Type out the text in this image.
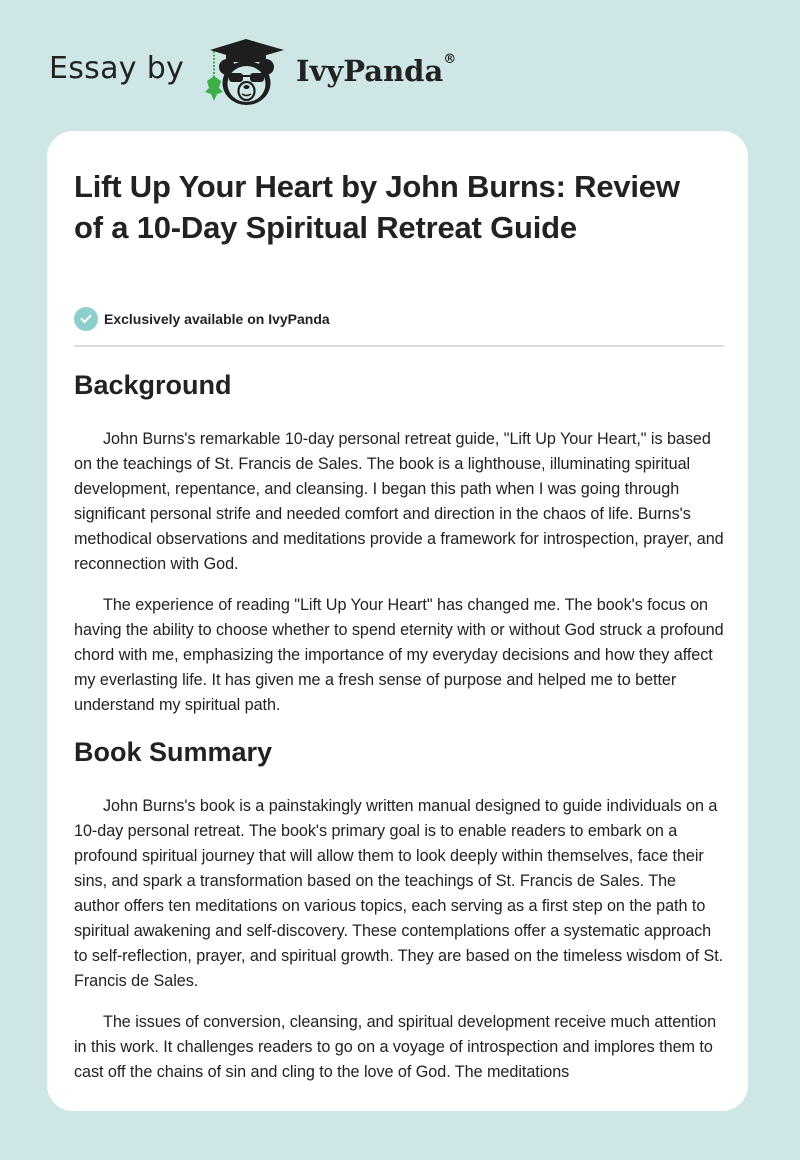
Essay by	IvyPanda®
Lift Up Your Heart by John Burns: Review of a 10-Day Spiritual Retreat Guide
Exclusively available on IvyPanda
Background

John Burns's remarkable 10-day personal retreat guide, "Lift Up Your Heart," is based on the teachings of St. Francis de Sales. The book is a lighthouse, illuminating spiritual development, repentance, and cleansing. I began this path when I was going through significant personal strife and needed comfort and direction in the chaos of life. Burns's methodical observations and meditations provide a framework for introspection, prayer, and reconnection with God.

The experience of reading "Lift Up Your Heart" has changed me. The book's focus on having the ability to choose whether to spend eternity with or without God struck a profound chord with me, emphasizing the importance of my everyday decisions and how they affect my everlasting life. It has given me a fresh sense of purpose and helped me to better understand my spiritual path.

Book Summary

John Burns's book is a painstakingly written manual designed to guide individuals on a 10-day personal retreat. The book's primary goal is to enable readers to embark on a profound spiritual journey that will allow them to look deeply within themselves, face their sins, and spark a transformation based on the teachings of St. Francis de Sales. The author offers ten meditations on various topics, each serving as a first step on the path to spiritual awakening and self-discovery. These contemplations offer a systematic approach to self-reflection, prayer, and spiritual growth. They are based on the timeless wisdom of St. Francis de Sales.

The issues of conversion, cleansing, and spiritual development receive much attention in this work. It challenges readers to go on a voyage of introspection and implores them to cast off the chains of sin and cling to the love of God. The meditations
